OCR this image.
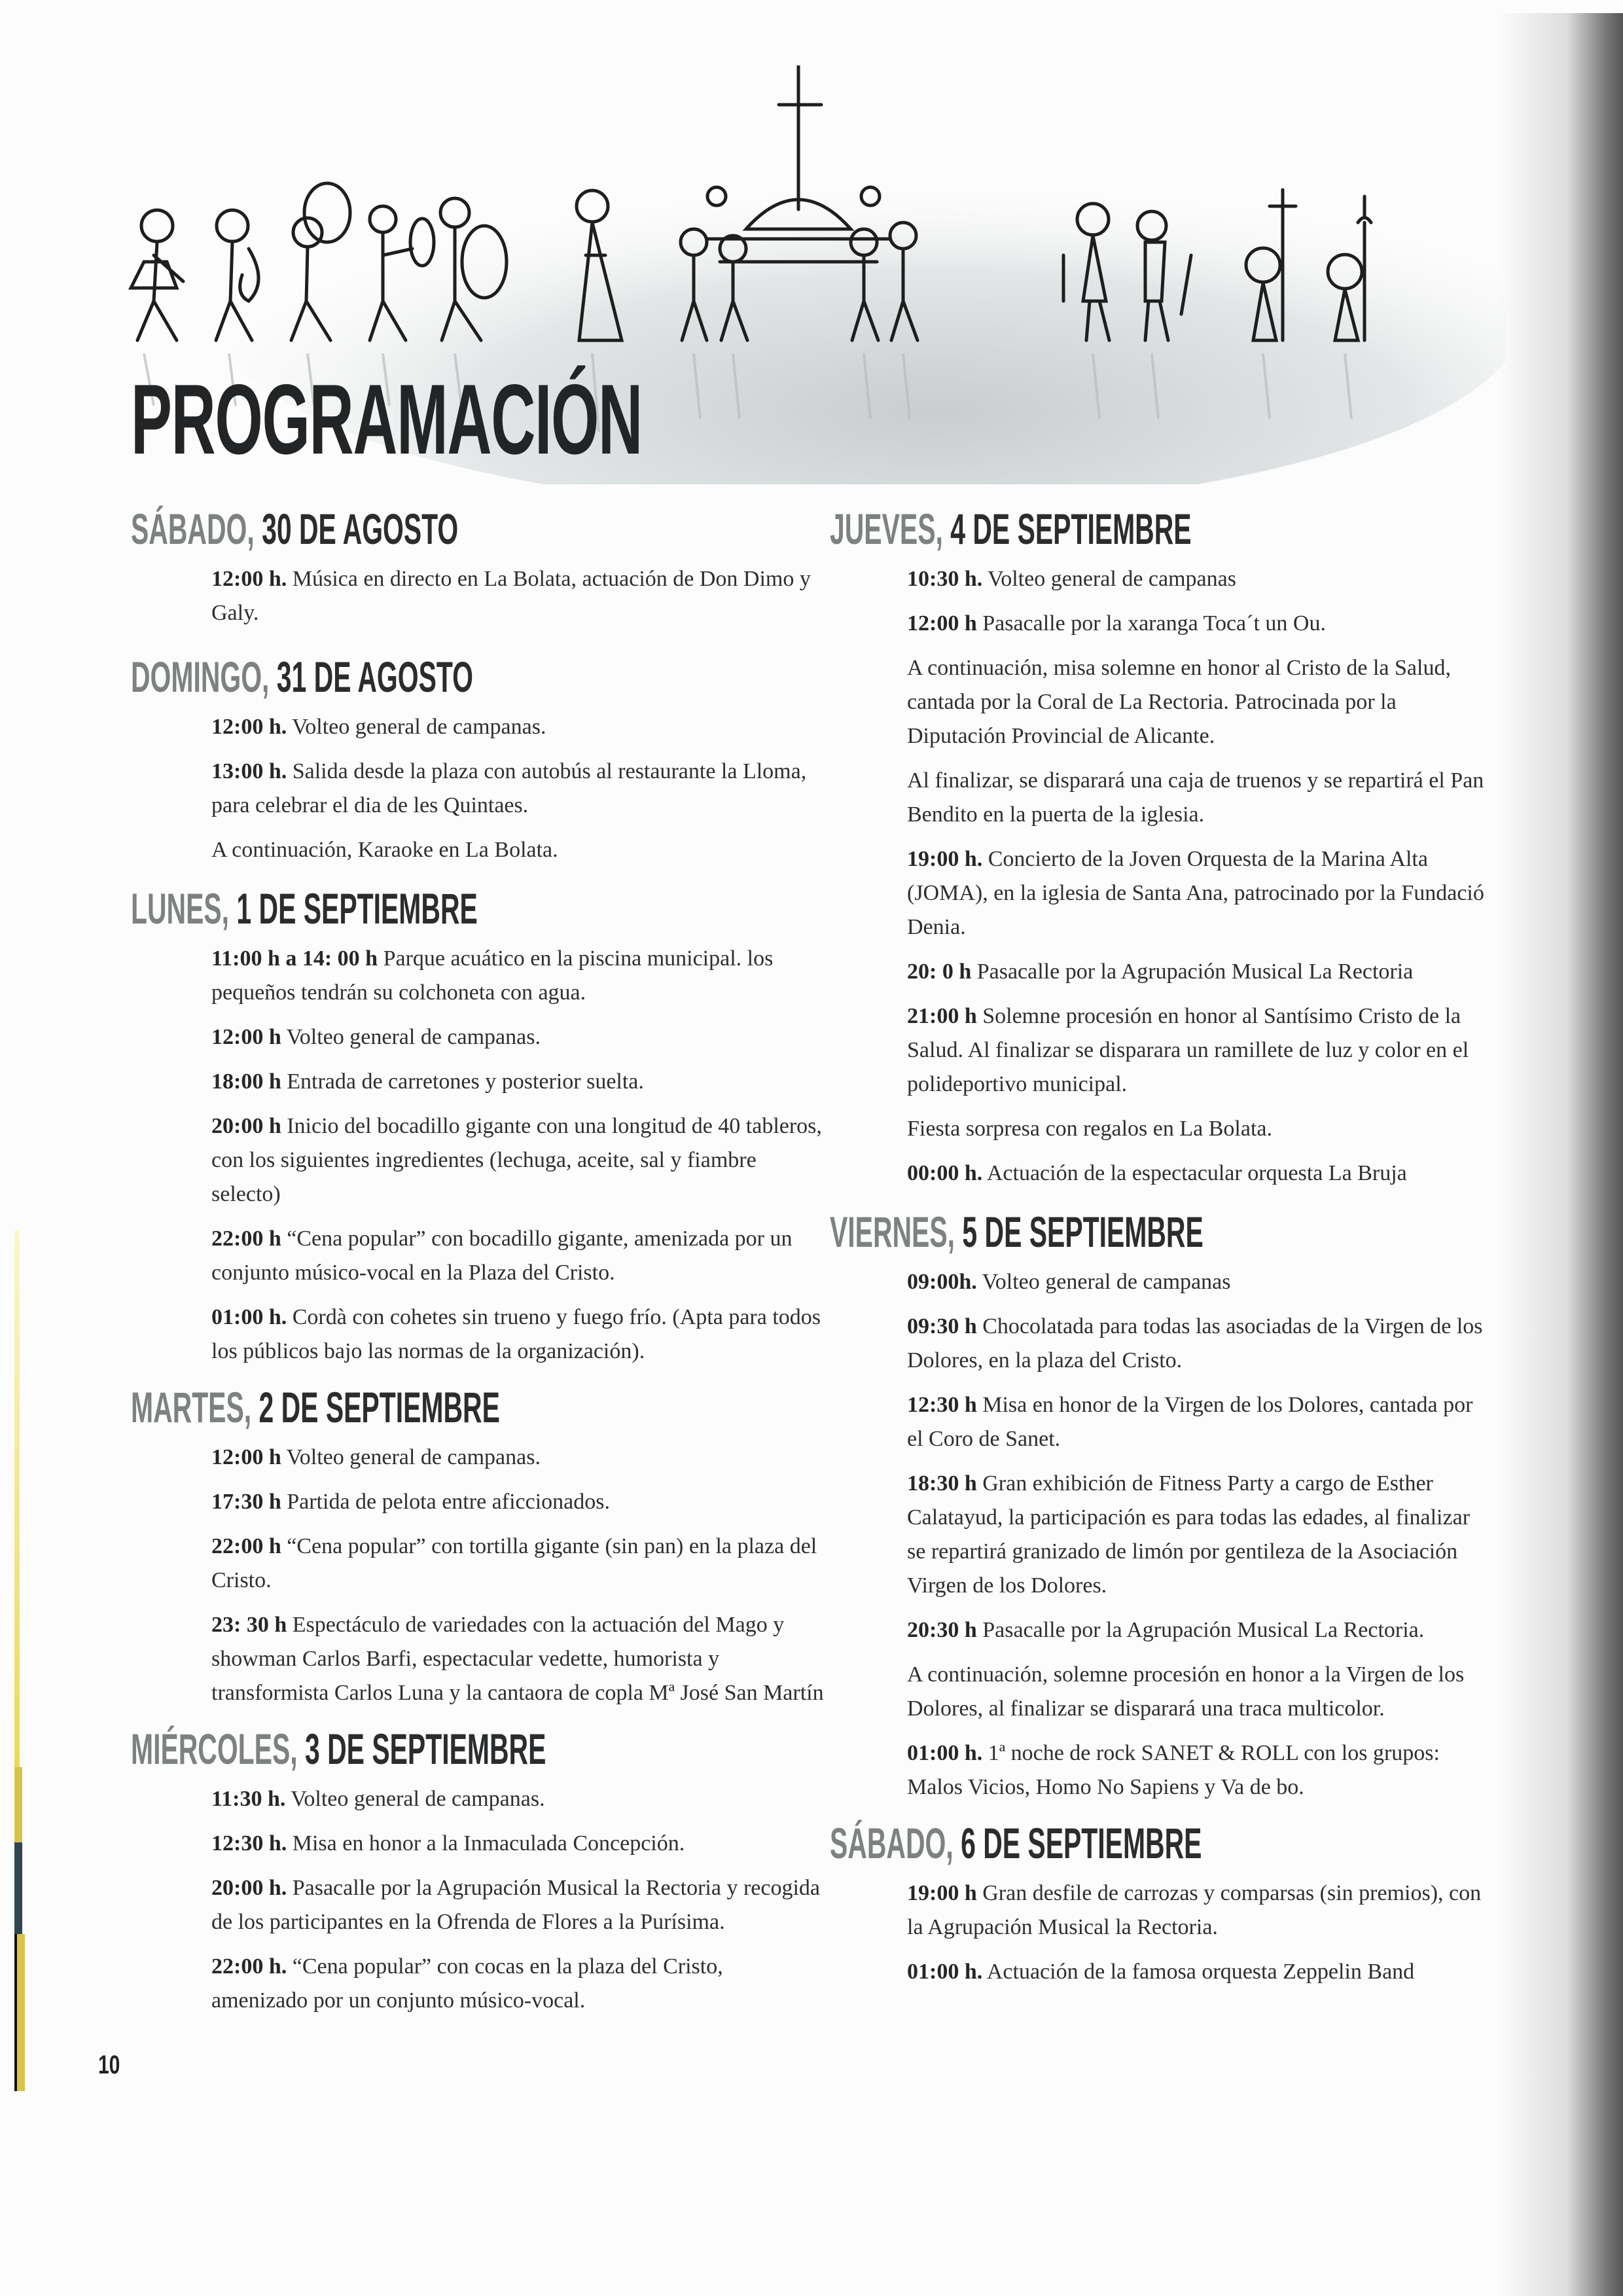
PROGRAMACIÓN
SÁBADO, 30 DE AGOSTO

12:00 h. Música en directo en La Bolata, actuación de Don Dimo y Galy.

DOMINGO, 31 DE AGOSTO

12:00 h. Volteo general de campanas.

13:00 h. Salida desde la plaza con autobús al restaurante la Lloma, para celebrar el dia de les Quintaes.

A continuación, Karaoke en La Bolata.

LUNES, 1 DE SEPTIEMBRE

11:00 h a 14: 00 h Parque acuático en la piscina municipal. los pequeños tendrán su colchoneta con agua.

12:00 h Volteo general de campanas.

18:00 h Entrada de carretones y posterior suelta.

20:00 h Inicio del bocadillo gigante con una longitud de 40 tableros, con los siguientes ingredientes (lechuga, aceite, sal y fiambre selecto)

22:00 h “Cena popular” con bocadillo gigante, amenizada por un conjunto músico-vocal en la Plaza del Cristo.

01:00 h. Cordà con cohetes sin trueno y fuego frío. (Apta para todos los públicos bajo las normas de la organización).

MARTES, 2 DE SEPTIEMBRE

12:00 h Volteo general de campanas.

17:30 h Partida de pelota entre aficcionados.

22:00 h “Cena popular” con tortilla gigante (sin pan) en la plaza del Cristo.

23: 30 h Espectáculo de variedades con la actuación del Mago y showman Carlos Barfi, espectacular vedette, humorista y transformista Carlos Luna y la cantaora de copla Mª José San Martín

MIÉRCOLES, 3 DE SEPTIEMBRE

11:30 h. Volteo general de campanas.

12:30 h. Misa en honor a la Inmaculada Concepción.

20:00 h. Pasacalle por la Agrupación Musical la Rectoria y recogida de los participantes en la Ofrenda de Flores a la Purísima.

22:00 h. “Cena popular” con cocas en la plaza del Cristo, amenizado por un conjunto músico-vocal.

JUEVES, 4 DE SEPTIEMBRE

10:30 h. Volteo general de campanas

12:00 h Pasacalle por la xaranga Toca´t un Ou.

A continuación, misa solemne en honor al Cristo de la Salud, cantada por la Coral de La Rectoria. Patrocinada por la Diputación Provincial de Alicante.

Al finalizar, se disparará una caja de truenos y se repartirá el Pan Bendito en la puerta de la iglesia.

19:00 h. Concierto de la Joven Orquesta de la Marina Alta (JOMA), en la iglesia de Santa Ana, patrocinado por la Fundació Denia.

20: 0 h Pasacalle por la Agrupación Musical La Rectoria

21:00 h Solemne procesión en honor al Santísimo Cristo de la Salud. Al finalizar se disparara un ramillete de luz y color en el polideportivo municipal.

Fiesta sorpresa con regalos en La Bolata.

00:00 h. Actuación de la espectacular orquesta La Bruja

VIERNES, 5 DE SEPTIEMBRE

09:00h. Volteo general de campanas

09:30 h Chocolatada para todas las asociadas de la Virgen de los Dolores, en la plaza del Cristo.

12:30 h Misa en honor de la Virgen de los Dolores, cantada por el Coro de Sanet.

18:30 h Gran exhibición de Fitness Party a cargo de Esther Calatayud, la participación es para todas las edades, al finalizar se repartirá granizado de limón por gentileza de la Asociación Virgen de los Dolores.

20:30 h Pasacalle por la Agrupación Musical La Rectoria.

A continuación, solemne procesión en honor a la Virgen de los Dolores, al finalizar se disparará una traca multicolor.

01:00 h. 1ª noche de rock SANET & ROLL con los grupos: Malos Vicios, Homo No Sapiens y Va de bo.

SÁBADO, 6 DE SEPTIEMBRE

19:00 h Gran desfile de carrozas y comparsas (sin premios), con la Agrupación Musical la Rectoria.

01:00 h. Actuación de la famosa orquesta Zeppelin Band

10
